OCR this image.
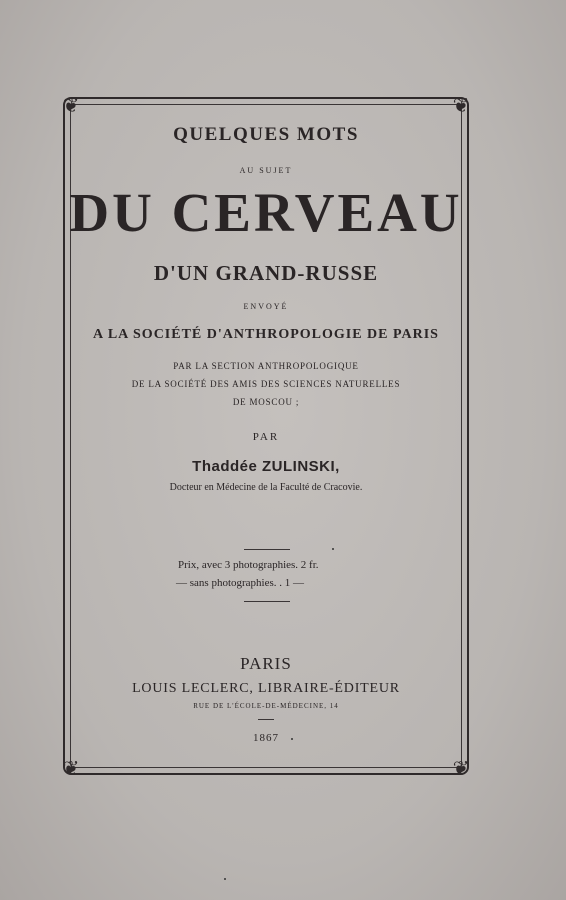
❦	❦
❦	❦

QUELQUES MOTS

AU SUJET

DU CERVEAU

D'UN GRAND-RUSSE

ENVOYÉ

A LA SOCIÉTÉ D'ANTHROPOLOGIE DE PARIS

PAR LA SECTION ANTHROPOLOGIQUE

DE LA SOCIÉTÉ DES AMIS DES SCIENCES NATURELLES

DE MOSCOU ;

PAR

Thaddée ZULINSKI,

Docteur en Médecine de la Faculté de Cracovie.

Prix, avec 3 photographies. 2 fr.
— sans photographies. . 1 —

PARIS

LOUIS LECLERC, LIBRAIRE-ÉDITEUR

RUE DE L'ÉCOLE-DE-MÉDECINE, 14

1867
